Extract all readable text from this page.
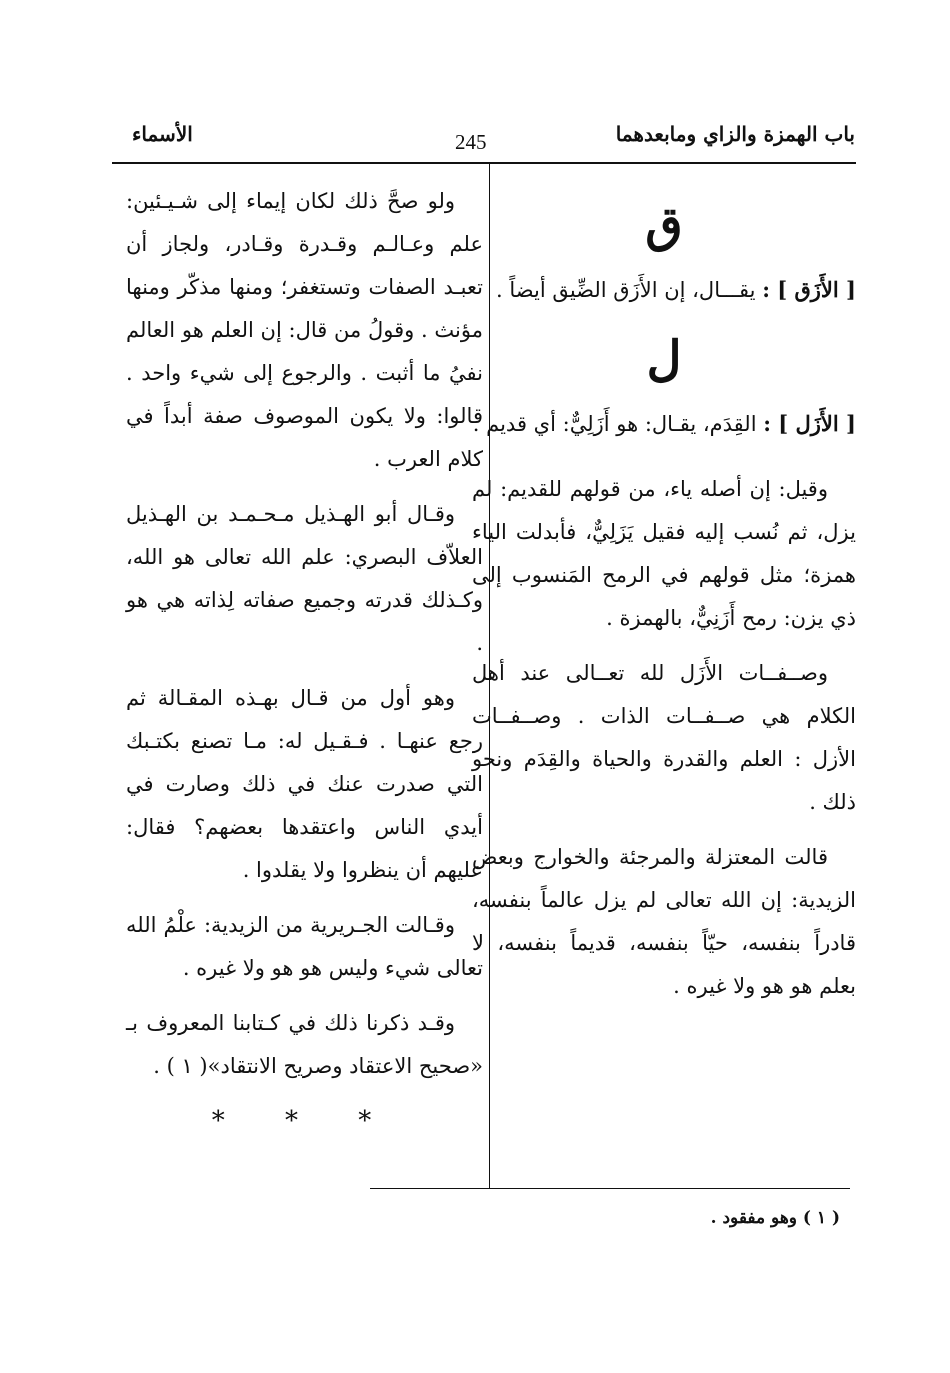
باب الهمزة والزاي ومابعدهما
245
الأسماء
ق

[ الأَزَق ] : يقـــال، إن الأَزَق الضِّيق أيضاً .

ل

[ الأَزَل ] : القِدَم، يقـال: هو أَزَلِيٌّ: أي قديم .

وقيل: إن أصله ياء، من قولهم للقديم: لم يزل، ثم نُسب إليه فقيل يَزَلِيٌّ، فأبدلت الياء همزة؛ مثل قولهم في الرمح المَنسوب إلى ذي يزن: رمح أَزَنِيٌّ، بالهمزة .

وصــفــات الأَزَل لله تعــالى عند أهل الكلام هي صــفــات الذات . وصــفــات الأزل : العلم والقدرة والحياة والقِدَم ونحو ذلك .

قالت المعتزلة والمرجئة والخوارج وبعض الزيدية: إن الله تعالى لم يزل عالماً بنفسه، قادراً بنفسه، حيّاً بنفسه، قديماً بنفسه، لا بعلم هو هو ولا غيره .

ولو صحَّ ذلك لكان إيماء إلى شـيـئين: علم وعـالـم وقـدرة وقـادر، ولجاز أن تعبـد الصفات وتستغفر؛ ومنها مذكّر ومنها مؤنث . وقولُ من قال: إن العلم هو العالم نفيُ ما أثبت . والرجوع إلى شيء واحد . قالوا: ولا يكون الموصوف صفة أبداً في كلام العرب .

وقـال أبو الهـذيل مـحـمـد بن الهـذيل العلاّف البصري: علم الله تعالى هو الله، وكـذلك قدرته وجميع صفاته لِذاته هي هو .

وهو أول من قـال بهـذه المقـالة ثم رجع عنهـا . فـقـيل له: مـا تصنع بكتـبك التي صدرت عنك في ذلك وصارت في أيدي الناس واعتقدها بعضهم؟ فقال: عليهم أن ينظروا ولا يقلدوا .

وقـالت الجـريرية من الزيدية: علْمُ الله تعالى شيء وليس هو هو ولا غيره .

وقـد ذكرنا ذلك في كـتابنا المعروف بـ «صحيح الاعتقاد وصريح الانتقاد»( ١ ) .

* * *
( ١ ) وهو مفقود .
